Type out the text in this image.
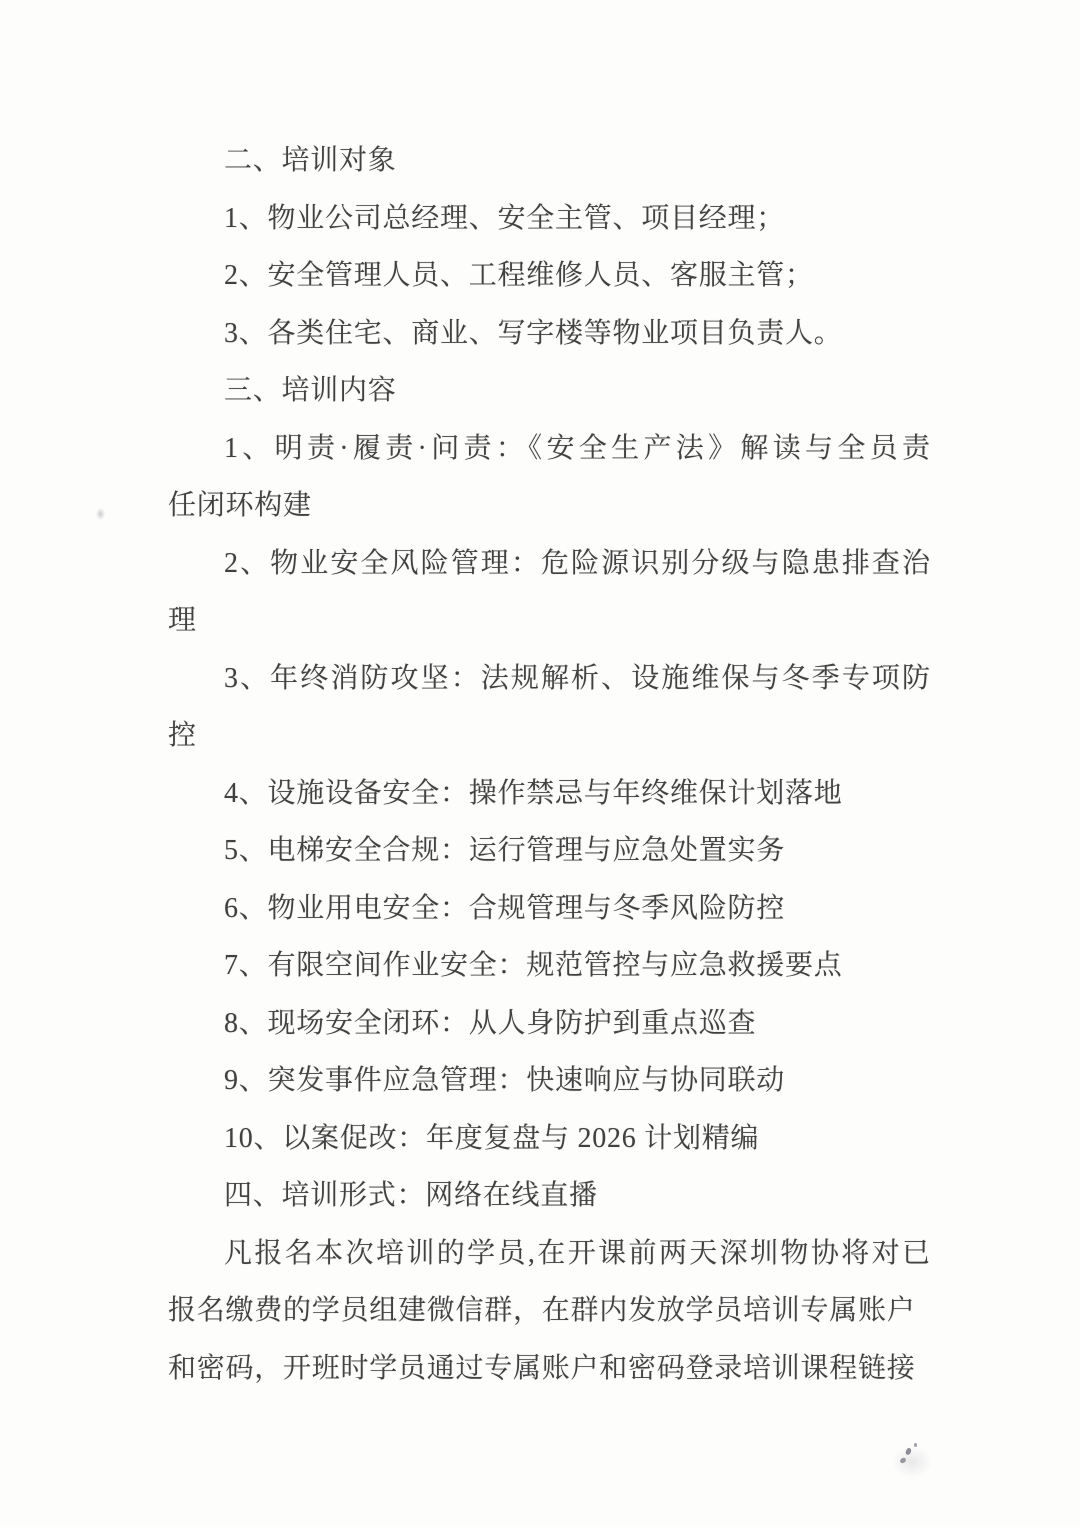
二、培训对象
1、物业公司总经理、安全主管、项目经理；
2、安全管理人员、工程维修人员、客服主管；
3、各类住宅、商业、写字楼等物业项目负责人。
三、培训内容
1、明责·履责·问责：《安全生产法》解读与全员责
任闭环构建
2、物业安全风险管理：危险源识别分级与隐患排查治
理
3、年终消防攻坚：法规解析、设施维保与冬季专项防
控
4、设施设备安全：操作禁忌与年终维保计划落地
5、电梯安全合规：运行管理与应急处置实务
6、物业用电安全：合规管理与冬季风险防控
7、有限空间作业安全：规范管控与应急救援要点
8、现场安全闭环：从人身防护到重点巡查
9、突发事件应急管理：快速响应与协同联动
10、以案促改：年度复盘与 2026 计划精编
四、培训形式：网络在线直播
凡报名本次培训的学员,在开课前两天深圳物协将对已
报名缴费的学员组建微信群，在群内发放学员培训专属账户
和密码，开班时学员通过专属账户和密码登录培训课程链接
